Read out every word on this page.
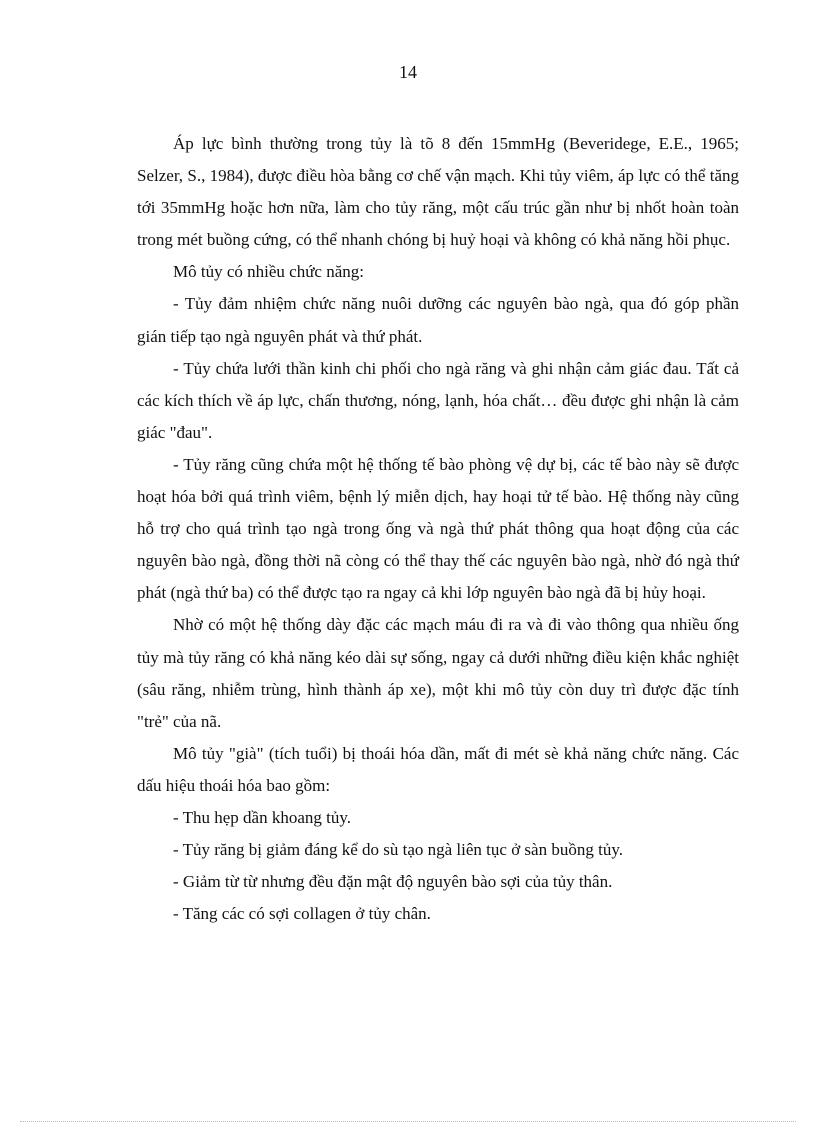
14

Áp lực bình thường trong tủy là tõ 8 đến 15mmHg (Beveridege, E.E., 1965; Selzer, S., 1984), được điều hòa bằng cơ chế vận mạch. Khi tủy viêm, áp lực có thể tăng tới 35mmHg hoặc hơn nữa, làm cho tủy răng, một cấu trúc gần như bị nhốt hoàn toàn trong mét buồng cứng, có thể nhanh chóng bị huỷ hoại và không có khả năng hồi phục.

Mô tủy có nhiều chức năng:

- Tủy đảm nhiệm chức năng nuôi dưỡng các nguyên bào ngà, qua đó góp phần gián tiếp tạo ngà nguyên phát và thứ phát.

- Tủy chứa lưới thần kinh chi phối cho ngà răng và ghi nhận cảm giác đau. Tất cả các kích thích về áp lực, chấn thương, nóng, lạnh, hóa chất… đều được ghi nhận là cảm giác "đau".

- Tủy răng cũng chứa một hệ thống tế bào phòng vệ dự bị, các tế bào này sẽ được hoạt hóa bởi quá trình viêm, bệnh lý miễn dịch, hay hoại tử tế bào. Hệ thống này cũng hỗ trợ cho quá trình tạo ngà trong ống và ngà thứ phát thông qua hoạt động của các nguyên bào ngà, đồng thời nã còng có thể thay thế các nguyên bào ngà, nhờ đó ngà thứ phát (ngà thứ ba) có thể được tạo ra ngay cả khi lớp nguyên bào ngà đã bị hủy hoại.

Nhờ có một hệ thống dày đặc các mạch máu đi ra và đi vào thông qua nhiều ống tủy mà tủy răng có khả năng kéo dài sự sống, ngay cả dưới những điều kiện khắc nghiệt (sâu răng, nhiễm trùng, hình thành áp xe), một khi mô tủy còn duy trì được đặc tính "trẻ" của nã.

Mô tủy "già" (tích tuổi) bị thoái hóa dần, mất đi mét sè khả năng chức năng. Các dấu hiệu thoái hóa bao gồm:

- Thu hẹp dần khoang tủy.

- Tủy răng bị giảm đáng kể do sù tạo ngà liên tục ở sàn buồng tủy.

- Giảm từ từ nhưng đều đặn mật độ nguyên bào sợi của tủy thân.

- Tăng các có sợi collagen ở tủy chân.
